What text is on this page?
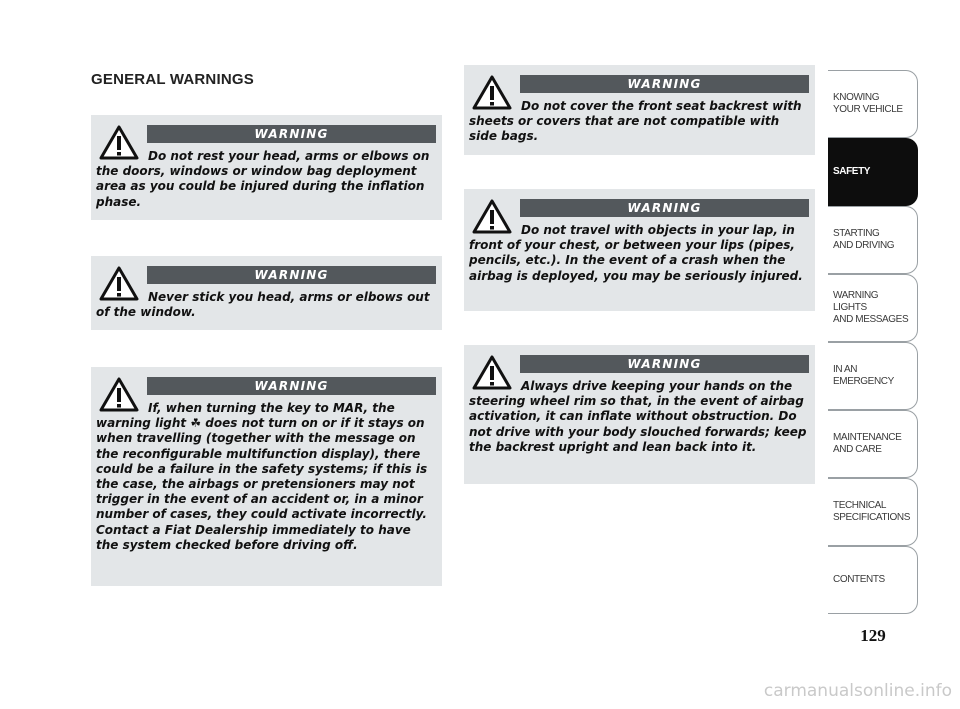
GENERAL WARNINGS
WARNING
Do not rest your head, arms or elbows on the doors, windows or window bag deployment area as you could be injured during the inflation phase.
WARNING
Never stick you head, arms or elbows out of the window.
WARNING
If, when turning the key to MAR, the warning light ☘ does not turn on or if it stays on when travelling (together with the message on the reconfigurable multifunction display), there could be a failure in the safety systems; if this is the case, the airbags or pretensioners may not trigger in the event of an accident or, in a minor number of cases, they could activate incorrectly. Contact a Fiat Dealership immediately to have the system checked before driving off.
WARNING
Do not cover the front seat backrest with sheets or covers that are not compatible with side bags.
WARNING
Do not travel with objects in your lap, in front of your chest, or between your lips (pipes, pencils, etc.). In the event of a crash when the airbag is deployed, you may be seriously injured.
WARNING
Always drive keeping your hands on the steering wheel rim so that, in the event of airbag activation, it can inflate without obstruction. Do not drive with your body slouched forwards; keep the backrest upright and lean back into it.
KNOWING
YOUR VEHICLE
SAFETY
STARTING
AND DRIVING
WARNING LIGHTS
AND MESSAGES
IN AN
EMERGENCY
MAINTENANCE
AND CARE
TECHNICAL
SPECIFICATIONS
CONTENTS
129
carmanualsonline.info
